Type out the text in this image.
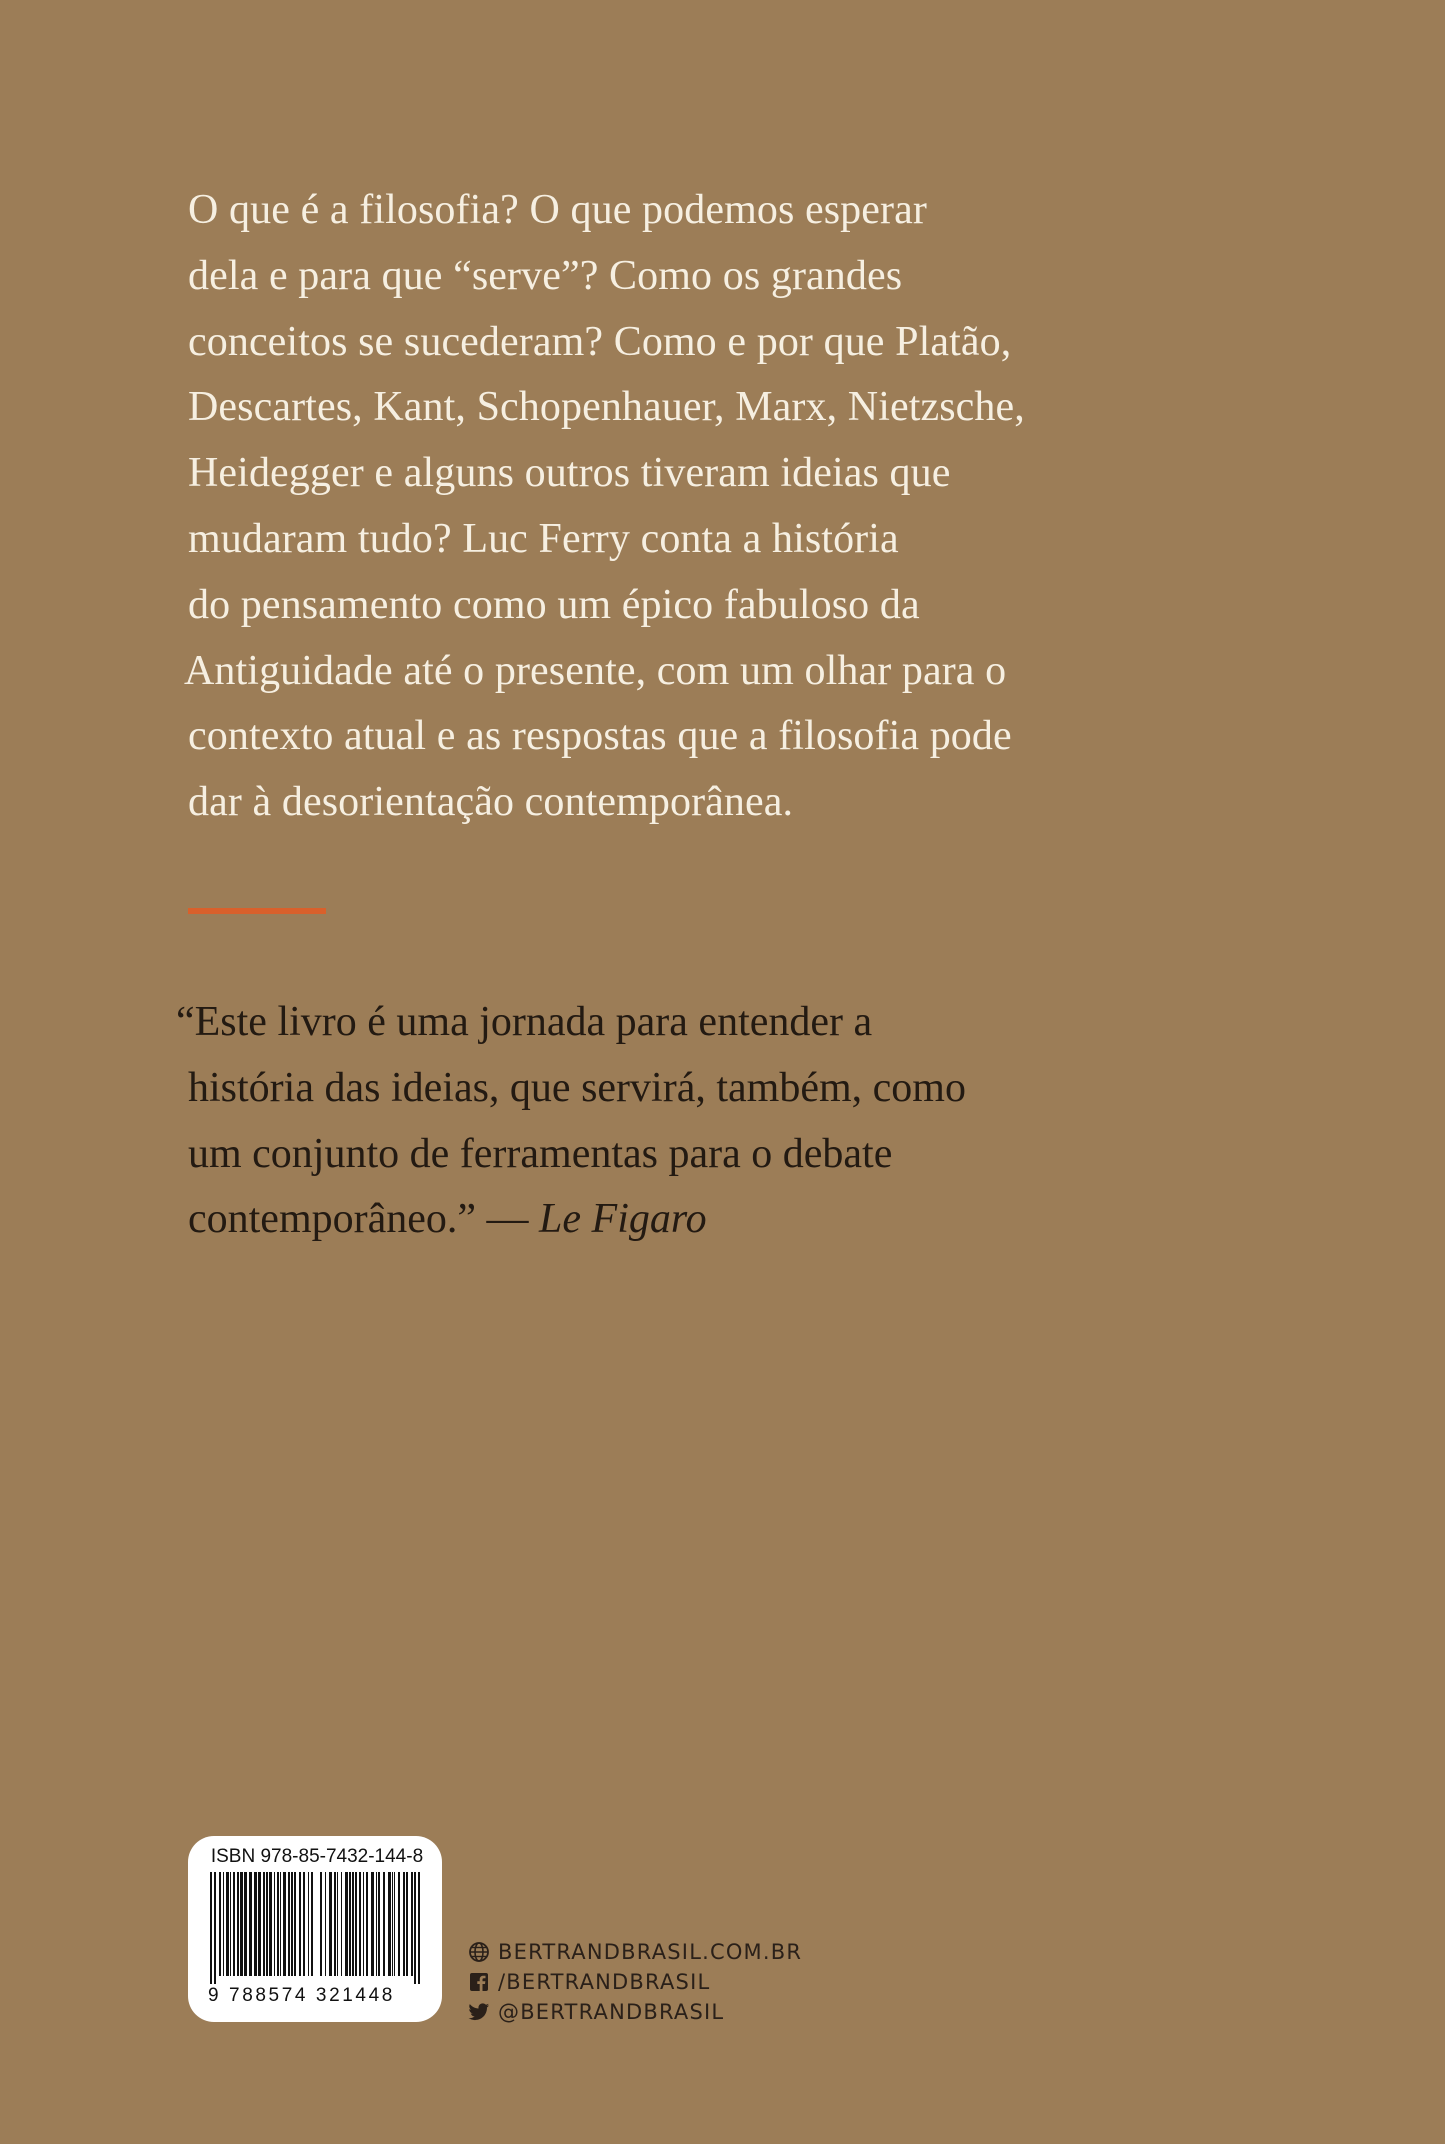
O que é a filosofia? O que podemos esperar
dela e para que “serve”? Como os grandes
conceitos se sucederam? Como e por que Platão,
Descartes, Kant, Schopenhauer, Marx, Nietzsche,
Heidegger e alguns outros tiveram ideias que
mudaram tudo? Luc Ferry conta a história
do pensamento como um épico fabuloso da
Antiguidade até o presente, com um olhar para o
contexto atual e as respostas que a filosofia pode
dar à desorientação contemporânea.
“Este livro é uma jornada para entender a
história das ideias, que servirá, também, como
um conjunto de ferramentas para o debate
contemporâneo.” — Le Figaro
ISBN 978-85-7432-144-8
9 788574 321448
BERTRANDBRASIL.COM.BR
/BERTRANDBRASIL
@BERTRANDBRASIL
